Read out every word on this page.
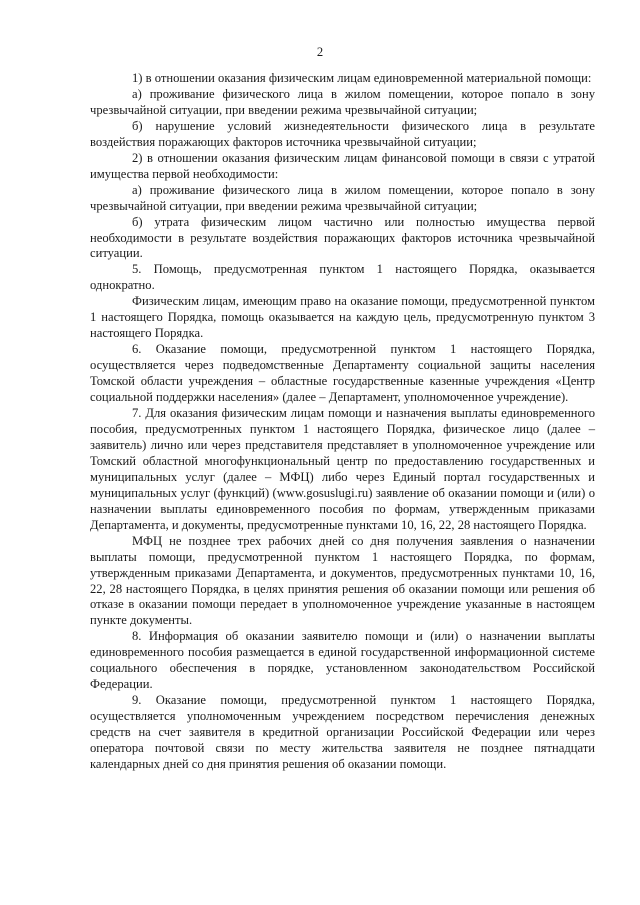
2

1) в отношении оказания физическим лицам единовременной материальной помощи:

а) проживание физического лица в жилом помещении, которое попало в зону чрезвычайной ситуации, при введении режима чрезвычайной ситуации;

б) нарушение условий жизнедеятельности физического лица в результате воздействия поражающих факторов источника чрезвычайной ситуации;

2) в отношении оказания физическим лицам финансовой помощи в связи с утратой имущества первой необходимости:

а) проживание физического лица в жилом помещении, которое попало в зону чрезвычайной ситуации, при введении режима чрезвычайной ситуации;

б) утрата физическим лицом частично или полностью имущества первой необходимости в результате воздействия поражающих факторов источника чрезвычайной ситуации.

5. Помощь, предусмотренная пунктом 1 настоящего Порядка, оказывается однократно.

Физическим лицам, имеющим право на оказание помощи, предусмотренной пунктом 1 настоящего Порядка, помощь оказывается на каждую цель, предусмотренную пунктом 3 настоящего Порядка.

6. Оказание помощи, предусмотренной пунктом 1 настоящего Порядка, осуществляется через подведомственные Департаменту социальной защиты населения Томской области учреждения – областные государственные казенные учреждения «Центр социальной поддержки населения» (далее – Департамент, уполномоченное учреждение).

7. Для оказания физическим лицам помощи и назначения выплаты единовременного пособия, предусмотренных пунктом 1 настоящего Порядка, физическое лицо (далее – заявитель) лично или через представителя представляет в уполномоченное учреждение или Томский областной многофункциональный центр по предоставлению государственных и муниципальных услуг (далее – МФЦ) либо через Единый портал государственных и муниципальных услуг (функций) (www.gosuslugi.ru) заявление об оказании помощи и (или) о назначении выплаты единовременного пособия по формам, утвержденным приказами Департамента, и документы, предусмотренные пунктами 10, 16, 22, 28 настоящего Порядка.

МФЦ не позднее трех рабочих дней со дня получения заявления о назначении выплаты помощи, предусмотренной пунктом 1 настоящего Порядка, по формам, утвержденным приказами Департамента, и документов, предусмотренных пунктами 10, 16, 22, 28 настоящего Порядка, в целях принятия решения об оказании помощи или решения об отказе в оказании помощи передает в уполномоченное учреждение указанные в настоящем пункте документы.

8. Информация об оказании заявителю помощи и (или) о назначении выплаты единовременного пособия размещается в единой государственной информационной системе социального обеспечения в порядке, установленном законодательством Российской Федерации.

9. Оказание помощи, предусмотренной пунктом 1 настоящего Порядка, осуществляется уполномоченным учреждением посредством перечисления денежных средств на счет заявителя в кредитной организации Российской Федерации или через оператора почтовой связи по месту жительства заявителя не позднее пятнадцати календарных дней со дня принятия решения об оказании помощи.
